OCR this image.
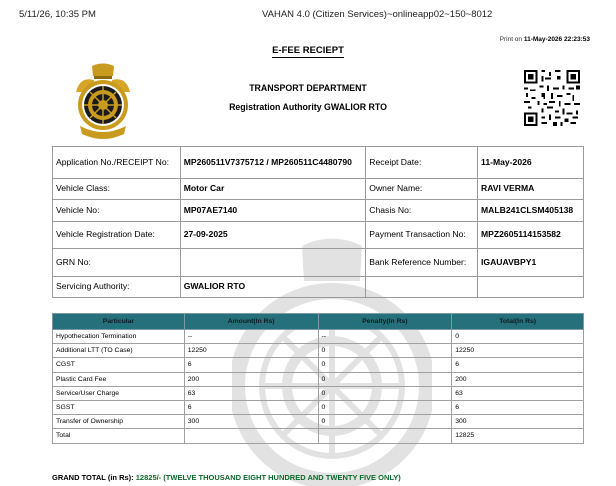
5/11/26, 10:35 PM	VAHAN 4.0 (Citizen Services)~onlineapp02~150~8012
Print on 11-May-2026 22:23:53
E-FEE RECIEPT
TRANSPORT DEPARTMENT
Registration Authority GWALIOR RTO
Application No./RECEIPT No:	MP260511V7375712 / MP260511C4480790	Receipt Date:	11-May-2026
Vehicle Class:	Motor Car	Owner Name:	RAVI VERMA
Vehicle No:	MP07AE7140	Chasis No:	MALB241CLSM405138
Vehicle Registration Date:	27-09-2025	Payment Transaction No:	MPZ2605114153582
GRN No:		Bank Reference Number:	IGAUAVBPY1
Servicing Authority:	GWALIOR RTO		
Particular	Amount(In Rs)	Penalty(In Rs)	Total(In Rs)
Hypothecation Termination	--	--	0
Additional LTT (TO Case)	12250	0	12250
CGST	6	0	6
Plastic Card Fee	200	0	200
Service/User Charge	63	0	63
SGST	6	0	6
Transfer of Ownership	300	0	300
Total			12825
GRAND TOTAL (in Rs): 12825/- (TWELVE THOUSAND EIGHT HUNDRED AND TWENTY FIVE ONLY)
